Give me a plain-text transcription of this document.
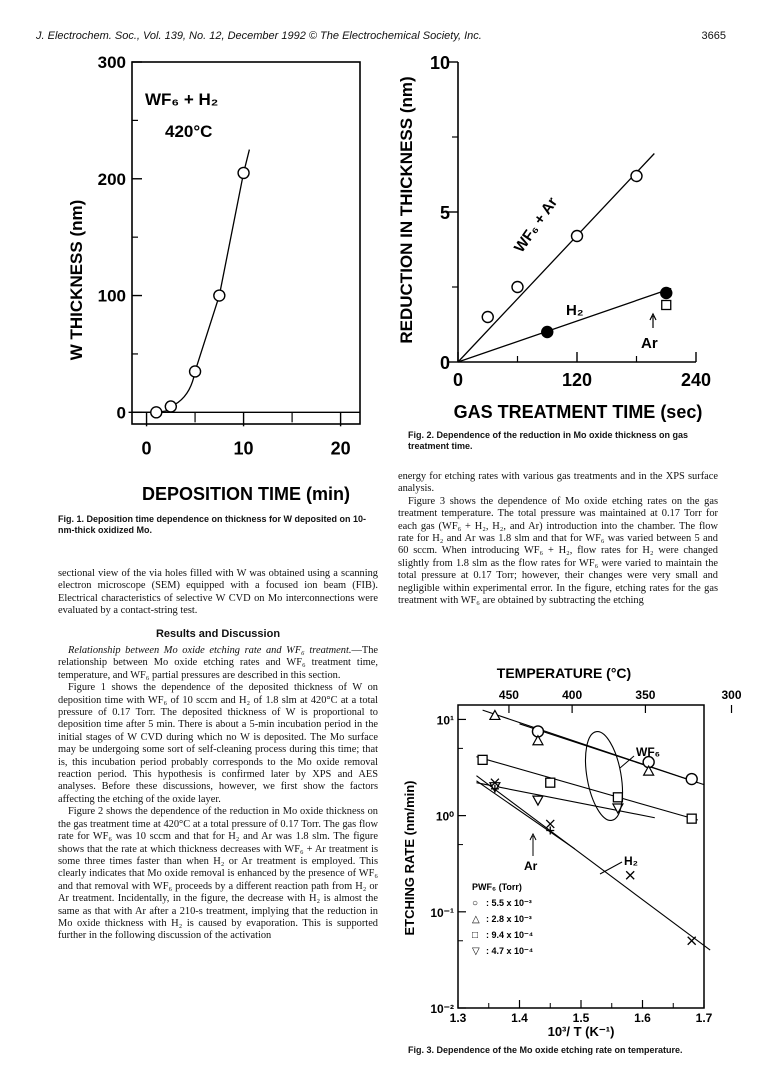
J. Electrochem. Soc., Vol. 139, No. 12, December 1992 © The Electrochemical Society, Inc.	3665
0
100
200
300
0	10	20
WF₆ + H₂
420°C
DEPOSITION TIME (min)
W THICKNESS (nm)
Fig. 1. Deposition time dependence on thickness for W deposited on 10-nm-thick oxidized Mo.
0
5
10
0	120	240
WF₆ + Ar
H₂
Ar
GAS TREATMENT TIME (sec)
REDUCTION IN THICKNESS (nm)
Fig. 2. Dependence of the reduction in Mo oxide thickness on gas treatment time.
TEMPERATURE (°C)
1.3	1.4	1.5	1.6	1.7
10⁻²
10⁻¹
10⁰
10¹
450	400	350	300
WF₆
H₂
Ar
PWF₆ (Torr)
○ : 5.5 x 10⁻³
△ : 2.8 x 10⁻³
□ : 9.4 x 10⁻⁴
▽ : 4.7 x 10⁻⁴
10³/ T (K⁻¹)
ETCHING RATE (nm/min)
Fig. 3. Dependence of the Mo oxide etching rate on temperature.

sectional view of the via holes filled with W was obtained using a scanning electron microscope (SEM) equipped with a focused ion beam (FIB). Electrical characteristics of selective W CVD on Mo interconnections were evaluated by a contact-string test.

Results and Discussion

Relationship between Mo oxide etching rate and WF₆ treatment.—The relationship between Mo oxide etching rates and WF₆ treatment time, temperature, and WF₆ partial pressures are described in this section.

Figure 1 shows the dependence of the deposited thickness of W on deposition time with WF₆ of 10 sccm and H₂ of 1.8 slm at 420°C at a total pressure of 0.17 Torr. The deposited thickness of W is proportional to deposition time after 5 min. There is about a 5-min incubation period in the initial stages of W CVD during which no W is deposited. The Mo surface may be undergoing some sort of self-cleaning process during this time; that is, this incubation period probably corresponds to the Mo oxide removal reaction period. This hypothesis is confirmed later by XPS and AES analyses. Before these discussions, however, we first show the factors affecting the etching of the oxide layer.

Figure 2 shows the dependence of the reduction in Mo oxide thickness on the gas treatment time at 420°C at a total pressure of 0.17 Torr. The gas flow rate for WF₆ was 10 sccm and that for H₂ and Ar was 1.8 slm. The figure shows that the rate at which thickness decreases with WF₆ + Ar treatment is some three times faster than when H₂ or Ar treatment is employed. This clearly indicates that Mo oxide removal is enhanced by the presence of WF₆ and that removal with WF₆ proceeds by a different reaction path from H₂ or Ar treatment. Incidentally, in the figure, the decrease with H₂ is almost the same as that with Ar after a 210-s treatment, implying that the reduction in Mo oxide thickness with H₂ is caused by evaporation. This is supported further in the following discussion of the activation

energy for etching rates with various gas treatments and in the XPS surface analysis.

Figure 3 shows the dependence of Mo oxide etching rates on the gas treatment temperature. The total pressure was maintained at 0.17 Torr for each gas (WF₆ + H₂, H₂, and Ar) introduction into the chamber. The flow rate for H₂ and Ar was 1.8 slm and that for WF₆ was varied between 5 and 60 sccm. When introducing WF₆ + H₂, flow rates for H₂ were changed slightly from 1.8 slm as the flow rates for WF₆ were varied to maintain the total pressure at 0.17 Torr; however, their changes were very small and negligible within experimental error. In the figure, etching rates for the gas treatment with WF₆ are obtained by subtracting the etching
